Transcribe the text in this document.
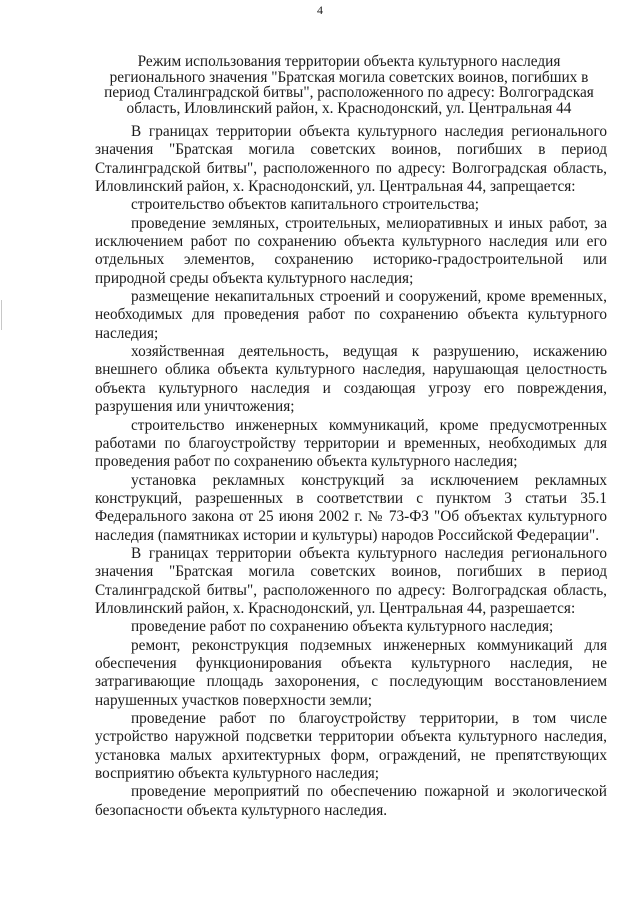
4
Режим использования территории объекта культурного наследия регионального значения "Братская могила советских воинов, погибших в период Сталинградской битвы", расположенного по адресу: Волгоградская область, Иловлинский район, х. Краснодонский, ул. Центральная 44

В границах территории объекта культурного наследия регионального значения "Братская могила советских воинов, погибших в период Сталинградской битвы", расположенного по адресу: Волгоградская область, Иловлинский район, х. Краснодонский, ул. Центральная 44, запрещается:

строительство объектов капитального строительства;

проведение земляных, строительных, мелиоративных и иных работ, за исключением работ по сохранению объекта культурного наследия или его отдельных элементов, сохранению историко-градостроительной или природной среды объекта культурного наследия;

размещение некапитальных строений и сооружений, кроме временных, необходимых для проведения работ по сохранению объекта культурного наследия;

хозяйственная деятельность, ведущая к разрушению, искажению внешнего облика объекта культурного наследия, нарушающая целостность объекта культурного наследия и создающая угрозу его повреждения, разрушения или уничтожения;

строительство инженерных коммуникаций, кроме предусмотренных работами по благоустройству территории и временных, необходимых для проведения работ по сохранению объекта культурного наследия;

установка рекламных конструкций за исключением рекламных конструкций, разрешенных в соответствии с пунктом 3 статьи 35.1 Федерального закона от 25 июня 2002 г. № 73-ФЗ "Об объектах культурного наследия (памятниках истории и культуры) народов Российской Федерации".

В границах территории объекта культурного наследия регионального значения "Братская могила советских воинов, погибших в период Сталинградской битвы", расположенного по адресу: Волгоградская область, Иловлинский район, х. Краснодонский, ул. Центральная 44, разрешается:

проведение работ по сохранению объекта культурного наследия;

ремонт, реконструкция подземных инженерных коммуникаций для обеспечения функционирования объекта культурного наследия, не затрагивающие площадь захоронения, с последующим восстановлением нарушенных участков поверхности земли;

проведение работ по благоустройству территории, в том числе устройство наружной подсветки территории объекта культурного наследия, установка малых архитектурных форм, ограждений, не препятствующих восприятию объекта культурного наследия;

проведение мероприятий по обеспечению пожарной и экологической безопасности объекта культурного наследия.
